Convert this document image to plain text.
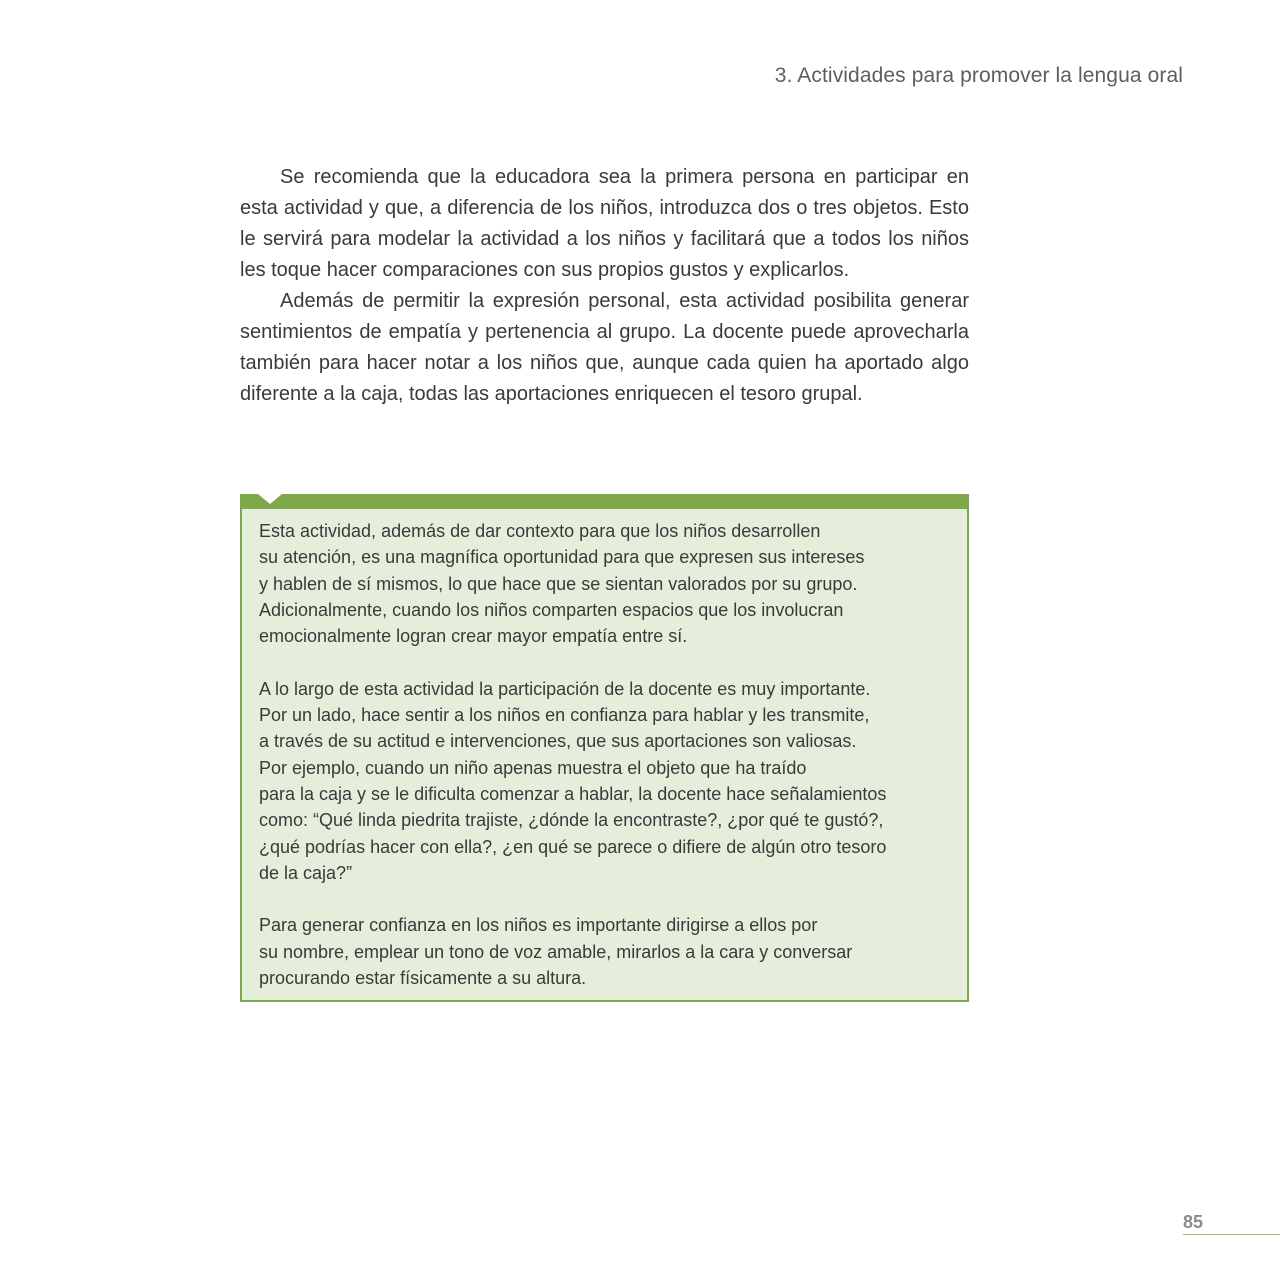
3. Actividades para promover la lengua oral

Se recomienda que la educadora sea la primera persona en participar en esta actividad y que, a diferencia de los niños, introduzca dos o tres objetos. Esto le servirá para modelar la actividad a los niños y facilitará que a todos los niños les toque hacer comparaciones con sus propios gustos y explicarlos.

Además de permitir la expresión personal, esta actividad posibilita generar sentimientos de empatía y pertenencia al grupo. La docente puede aprovecharla también para hacer notar a los niños que, aunque cada quien ha aportado algo diferente a la caja, todas las aportaciones enriquecen el tesoro grupal.

Esta actividad, además de dar contexto para que los niños desarrollen
su atención, es una magnífica oportunidad para que expresen sus intereses
y hablen de sí mismos, lo que hace que se sientan valorados por su grupo.
Adicionalmente, cuando los niños comparten espacios que los involucran
emocionalmente logran crear mayor empatía entre sí.

A lo largo de esta actividad la participación de la docente es muy importante.
Por un lado, hace sentir a los niños en confianza para hablar y les transmite,
a través de su actitud e intervenciones, que sus aportaciones son valiosas.
Por ejemplo, cuando un niño apenas muestra el objeto que ha traído
para la caja y se le dificulta comenzar a hablar, la docente hace señalamientos
como: “Qué linda piedrita trajiste, ¿dónde la encontraste?, ¿por qué te gustó?,
¿qué podrías hacer con ella?, ¿en qué se parece o difiere de algún otro tesoro
de la caja?”

Para generar confianza en los niños es importante dirigirse a ellos por
su nombre, emplear un tono de voz amable, mirarlos a la cara y conversar
procurando estar físicamente a su altura.

85
